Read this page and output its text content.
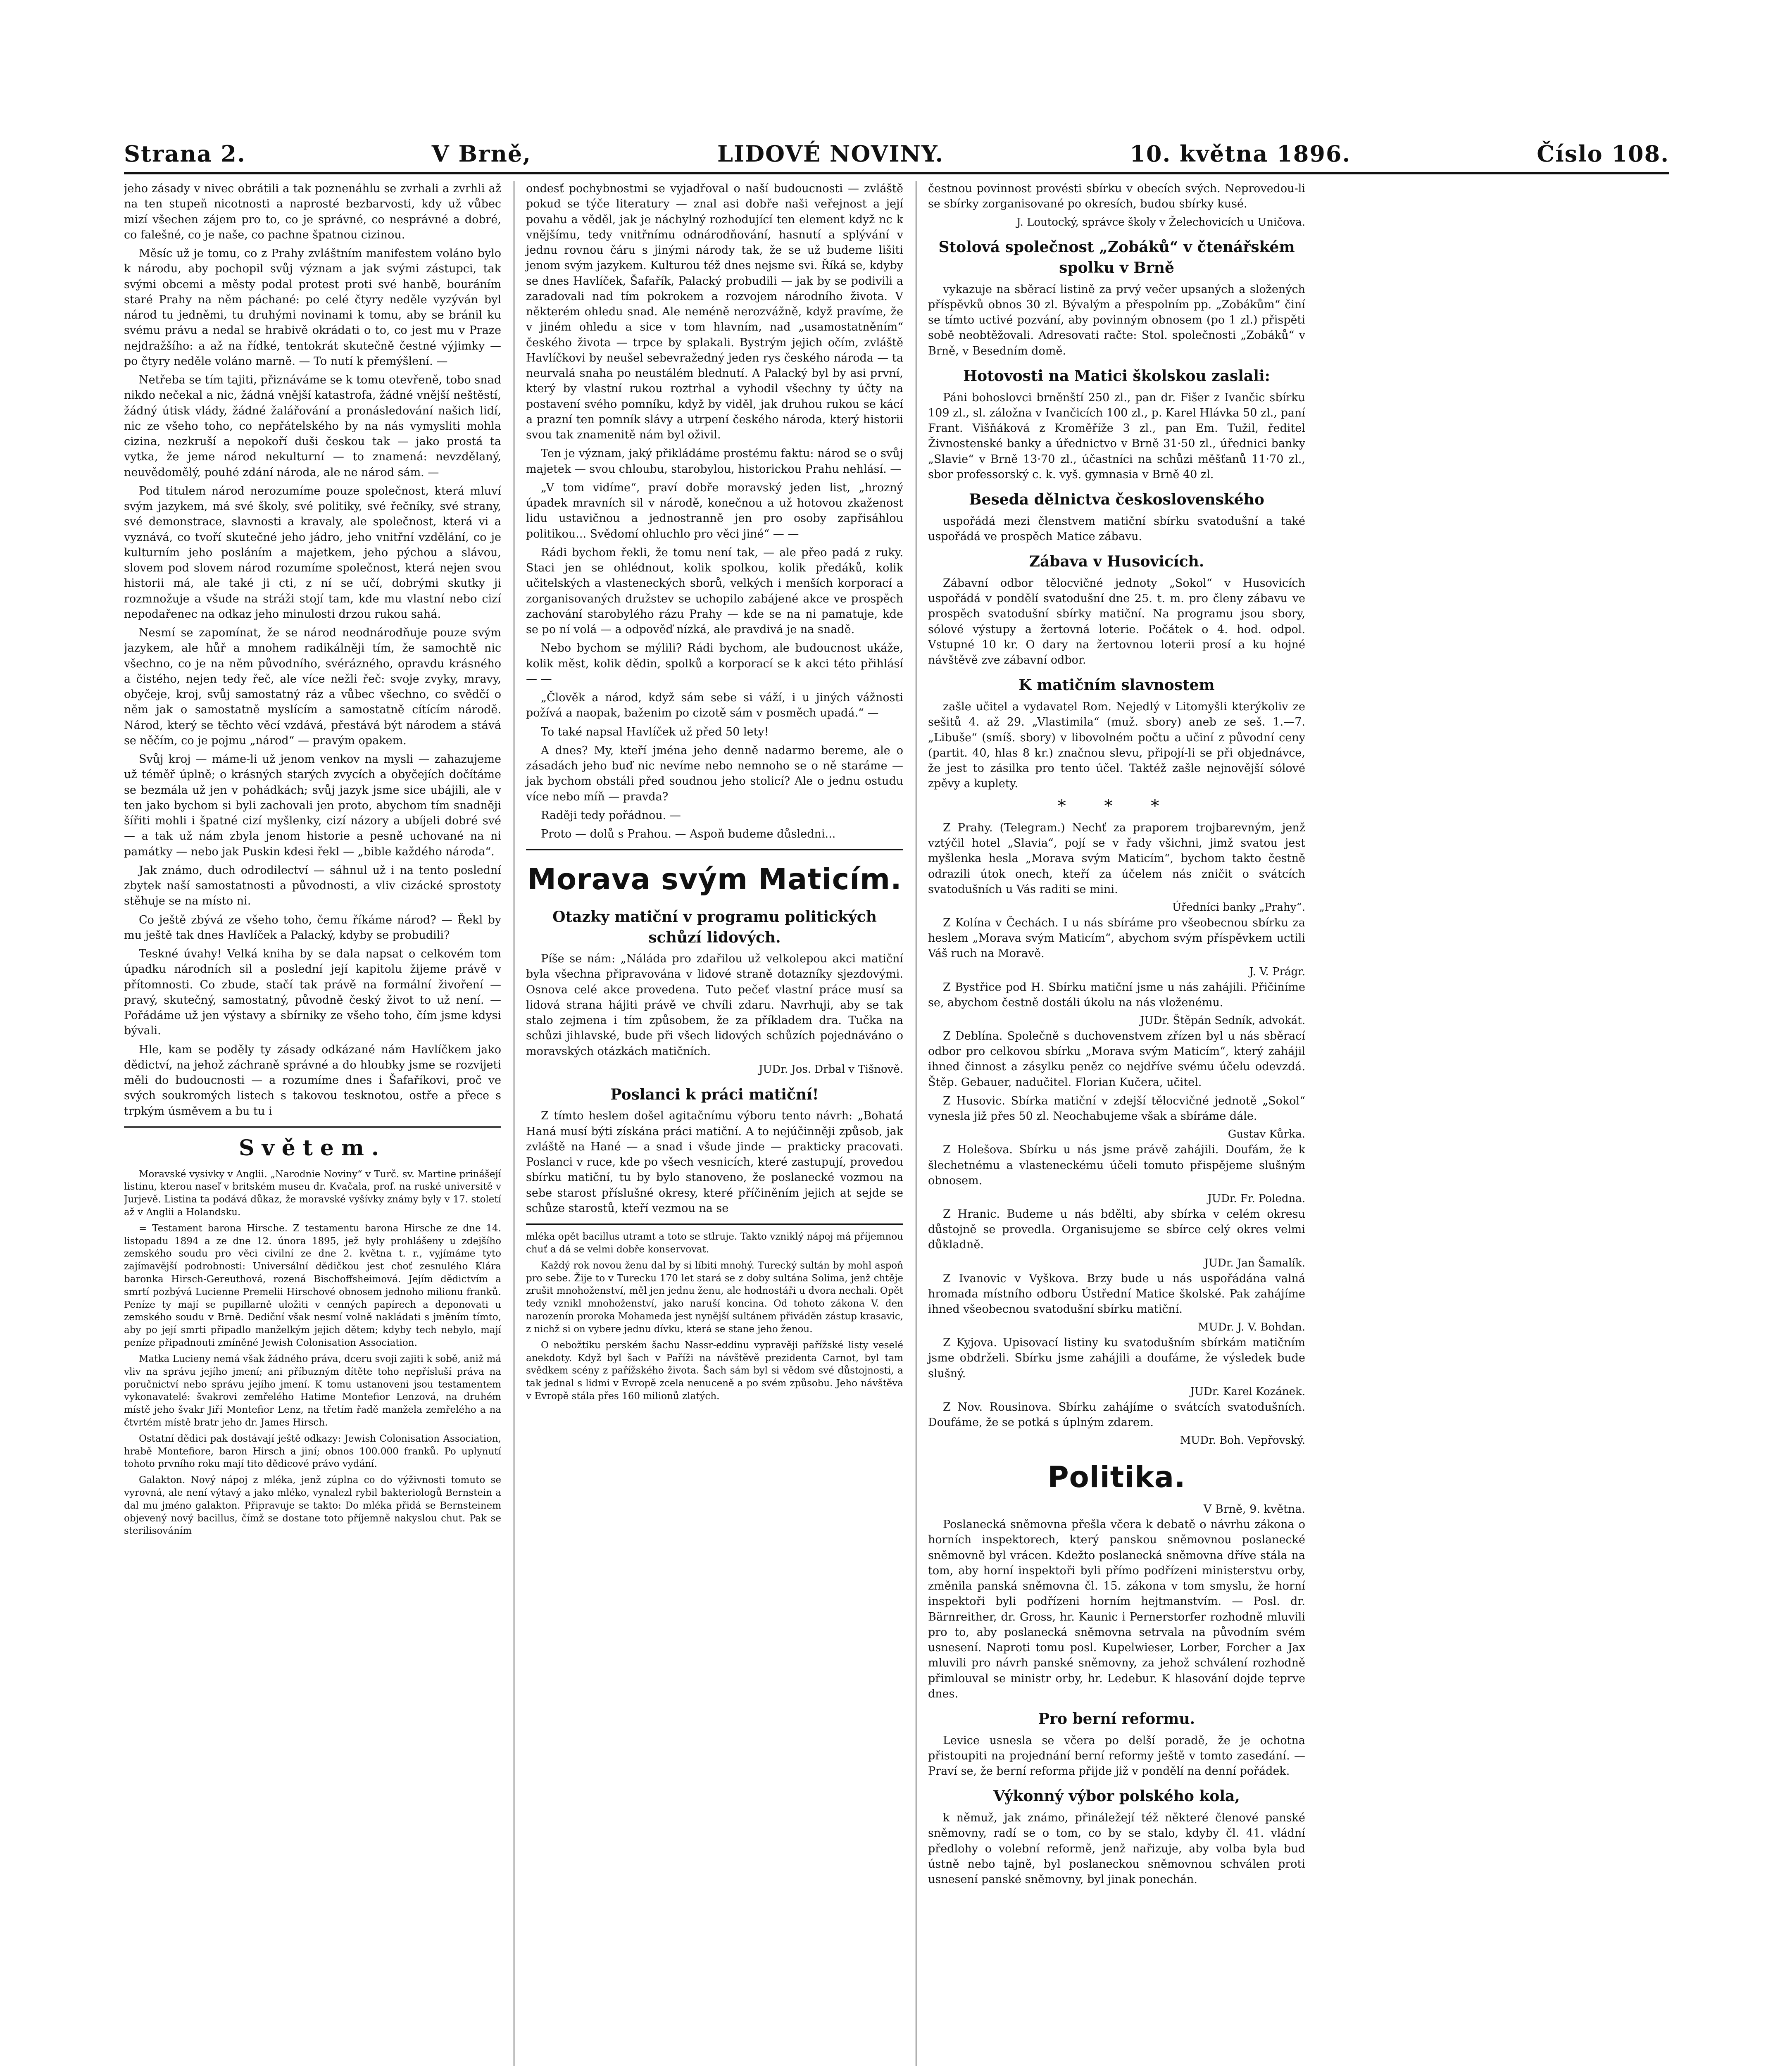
Strana 2.	V Brně,	LIDOVÉ NOVINY.	10. května 1896.	Číslo 108.

jeho zásady v nivec obrátili a tak poznenáhlu se zvrhali a zvrhli až na ten stupeň nicotnosti a naprosté bezbarvosti, kdy už vůbec mizí všechen zájem pro to, co je správné, co nesprávné a dobré, co falešné, co je naše, co pachne špatnou cizinou.

Měsíc už je tomu, co z Prahy zvláštním manifestem voláno bylo k národu, aby pochopil svůj význam a jak svými zástupci, tak svými obcemi a městy podal protest proti své hanbě, bouráním staré Prahy na něm páchané: po celé čtyry neděle vyzýván byl národ tu jedněmi, tu druhými novinami k tomu, aby se bránil ku svému právu a nedal se hrabivě okrádati o to, co jest mu v Praze nejdražšího: a až na řídké, tentokrát skutečně čestné výjimky — po čtyry neděle voláno marně. — To nutí k přemýšlení. —

Netřeba se tím tajiti, přiznáváme se k tomu otevřeně, tobo snad nikdo nečekal a nic, žádná vnější katastrofa, žádné vnější neštěstí, žádný útisk vlády, žádné žalářování a pronásledování našich lidí, nic ze všeho toho, co nepřátelského by na nás vymysliti mohla cizina, nezkruší a nepokoří duši českou tak — jako prostá ta vytka, že jeme národ nekulturní — to znamená: nevzdělaný, neuvědomělý, pouhé zdání národa, ale ne národ sám. —

Pod titulem národ nerozumíme pouze společnost, která mluví svým jazykem, má své školy, své politiky, své řečníky, své strany, své demonstrace, slavnosti a kravaly, ale společnost, která vi a vyznává, co tvoří skutečné jeho jádro, jeho vnitřní vzdělání, co je kulturním jeho posláním a majetkem, jeho pýchou a slávou, slovem pod slovem národ rozumíme společnost, která nejen svou historii má, ale také ji cti, z ní se učí, dobrými skutky ji rozmnožuje a všude na stráži stojí tam, kde mu vlastní nebo cizí nepodařenec na odkaz jeho minulosti drzou rukou sahá.

Nesmí se zapomínat, že se národ neodnárodňuje pouze svým jazykem, ale hůř a mnohem radikálněji tím, že samochtě nic všechno, co je na něm původního, svérázného, opravdu krásného a čistého, nejen tedy řeč, ale více nežli řeč: svoje zvyky, mravy, obyčeje, kroj, svůj samostatný ráz a vůbec všechno, co svědčí o něm jak o samostatně myslícím a samostatně cítícím národě. Národ, který se těchto věcí vzdává, přestává být národem a stává se něčím, co je pojmu „národ“ — pravým opakem.

Svůj kroj — máme-li už jenom venkov na mysli — zahazujeme už téměř úplně; o krásných starých zvycích a obyčejích dočítáme se bezmála už jen v pohádkách; svůj jazyk jsme sice ubájili, ale v ten jako bychom si byli zachovali jen proto, abychom tím snadněji šířiti mohli i špatné cizí myšlenky, cizí názory a ubíjeli dobré své — a tak už nám zbyla jenom historie a pesně uchované na ni památky — nebo jak Puskin kdesi řekl — „bible každého národa“.

Jak známo, duch odrodilectví — sáhnul už i na tento poslední zbytek naší samostatnosti a původnosti, a vliv cizácké sprostoty stěhuje se na místo ni.

Co ještě zbývá ze všeho toho, čemu říkáme národ? — Řekl by mu ještě tak dnes Havlíček a Palacký, kdyby se probudili?

Teskné úvahy! Velká kniha by se dala napsat o celkovém tom úpadku národních sil a poslední její kapitolu žijeme právě v přítomnosti. Co zbude, stačí tak právě na formální živoření — pravý, skutečný, samostatný, původně český život to už není. — Pořádáme už jen výstavy a sbírniky ze všeho toho, čím jsme kdysi bývali.

Hle, kam se poděly ty zásady odkázané nám Havlíčkem jako dědictví, na jehož záchraně správné a do hloubky jsme se rozvijeti měli do budoucnosti — a rozumíme dnes i Šafaříkovi, proč ve svých soukromých listech s takovou tesknotou, ostře a přece s trpkým úsměvem a bu tu i

Světem.

Moravské vysivky v Anglii. „Narodnie Noviny“ v Turč. sv. Martine prinášejí listinu, kterou naseľ v britském museu dr. Kvačala, prof. na ruské universitě v Jurjevě. Listina ta podává důkaz, že moravské vyšívky známy byly v 17. století až v Anglii a Holandsku.

= Testament barona Hirsche. Z testamentu barona Hirsche ze dne 14. listopadu 1894 a ze dne 12. února 1895, jež byly prohlášeny u zdejšího zemského soudu pro věci civilní ze dne 2. května t. r., vyjímáme tyto zajímavější podrobnosti: Universální dědičkou jest choť zesnulého Klára baronka Hirsch-Gereuthová, rozená Bischoffsheimová. Jejím dědictvím a smrtí pozbývá Lucienne Premelii Hirschové obnosem jednoho milionu franků. Peníze ty mají se pupillarně uložiti v cenných papírech a deponovati u zemského soudu v Brně. Dediční však nesmí volně nakládati s jměním tímto, aby po její smrti připadlo manželkým jejich dětem; kdyby tech nebylo, mají peníze připadnouti zmíněné Jewish Colonisation Association.

Matka Lucieny nemá však žádného práva, dceru svoji zajiti k sobě, aniž má vliv na správu jejího jmení; ani příbuzným dítěte toho nepřísluší práva na poručnictví nebo správu jejího jmení. K tomu ustanoveni jsou testamentem vykonavatelé: švakrovi zemřelého Hatime Montefior Lenzová, na druhém místě jeho švakr Jiří Montefior Lenz, na třetím řadě manžela zemřelého a na čtvrtém místě bratr jeho dr. James Hirsch.

Ostatní dědici pak dostávají ještě odkazy: Jewish Colonisation Association, hrabě Montefiore, baron Hirsch a jiní; obnos 100.000 franků. Po uplynutí tohoto prvního roku mají tito dědicové právo vydání.

Galakton. Nový nápoj z mléka, jenž zúplna co do výživnosti tomuto se vyrovná, ale není výtavý a jako mléko, vynalezl rybil bakteriologů Bernstein a dal mu jméno galakton. Připravuje se takto: Do mléka přidá se Bernsteinem objevený nový bacillus, čímž se dostane toto příjemně nakyslou chut. Pak se sterilisováním

ondesť pochybnostmi se vyjadřoval o naší budoucnosti — zvláště pokud se týče literatury — znal asi dobře naši veřejnost a její povahu a věděl, jak je náchylný rozhodující ten element když nc k vnějšímu, tedy vnitřnímu odnárodňování, hasnutí a splývání v jednu rovnou čáru s jinými národy tak, že se už budeme lišiti jenom svým jazykem. Kulturou též dnes nejsme svi. Říká se, kdyby se dnes Havlíček, Šafařík, Palacký probudili — jak by se podivili a zaradovali nad tím pokrokem a rozvojem národního života. V některém ohledu snad. Ale neméně nerozvážně, když pravíme, že v jiném ohledu a sice v tom hlavním, nad „usamostatněním“ českého života — trpce by splakali. Bystrým jejich očím, zvláště Havlíčkovi by neušel sebevražedný jeden rys českého národa — ta neurvalá snaha po neustálém blednutí. A Palacký byl by asi první, který by vlastní rukou roztrhal a vyhodil všechny ty účty na postavení svého pomníku, když by viděl, jak druhou rukou se kácí a prazní ten pomník slávy a utrpení českého národa, který historii svou tak znamenitě nám byl oživil.

Ten je význam, jaký přikládáme prostému faktu: národ se o svůj majetek — svou chloubu, starobylou, historickou Prahu nehlásí. —

„V tom vidíme“, praví dobře moravský jeden list, „hrozný úpadek mravních sil v národě, konečnou a už hotovou zkaženost lidu ustavičnou a jednostranně jen pro osoby zapřisáhlou politikou... Svědomí ohluchlo pro věci jiné“ — —

Rádi bychom řekli, že tomu není tak, — ale přeo padá z ruky. Staci jen se ohlédnout, kolik spolkou, kolik předáků, kolik učitelských a vlasteneckých sborů, velkých i menších korporací a zorganisovaných družstev se uchopilo zabájené akce ve prospěch zachování starobylého rázu Prahy — kde se na ni pamatuje, kde se po ní volá — a odpověď nízká, ale pravdivá je na snadě.

Nebo bychom se mýlili? Rádi bychom, ale budoucnost ukáže, kolik měst, kolik dědin, spolků a korporací se k akci této přihlásí — —

„Člověk a národ, když sám sebe si váží, i u jiných vážnosti požívá a naopak, baženim po cizotě sám v posměch upadá.“ —

To také napsal Havlíček už před 50 lety!

A dnes? My, kteří jména jeho denně nadarmo bereme, ale o zásadách jeho buď nic nevíme nebo nemnoho se o ně staráme — jak bychom obstáli před soudnou jeho stolicí? Ale o jednu ostudu více nebo míň — pravda?

Raději tedy pořádnou. —

Proto — dolů s Prahou. — Aspoň budeme důsledni...

Morava svým Maticím.
Otazky matiční v programu politických schůzí lidových.

Píše se nám: „Náláda pro zdařilou už velkolepou akci matiční byla všechna připravována v lidové straně dotazníky sjezdovými. Osnova celé akce provedena. Tuto pečeť vlastní práce musí sa lidová strana hájiti právě ve chvíli zdaru. Navrhuji, aby se tak stalo zejmena i tím způsobem, že za příkladem dra. Tučka na schůzi jihlavské, bude při všech lidových schůzích pojednáváno o moravských otázkách matičních.

JUDr. Jos. Drbal v Tišnově.
Poslanci k práci matiční!

Z tímto heslem došel agitačnímu výboru tento návrh: „Bohatá Haná musí býti získána práci matiční. A to nejúčinněji způsob, jak zvláště na Hané — a snad i všude jinde — prakticky pracovati. Poslanci v ruce, kde po všech vesnicích, které zastupují, provedou sbírku matiční, tu by bylo stanoveno, že poslanecké vozmou na sebe starost příslušné okresy, které příčiněním jejich at sejde se schůze starostů, kteří vezmou na se

mléka opět bacillus utramt a toto se stlruje. Takto vzniklý nápoj má příjemnou chuť a dá se velmi dobře konservovat.

Každý rok novou ženu dal by si líbiti mnohý. Turecký sultán by mohl aspoň pro sebe. Žije to v Turecku 170 let stará se z doby sultána Solima, jenž chtěje zrušit mnohoženství, měl jen jednu ženu, ale hodnostáři u dvora nechali. Opět tedy vznikl mnohoženství, jako naruší koncina. Od tohoto zákona V. den narozenín proroka Mohameda jest nynější sultánem přiváděn zástup krasavic, z nichž si on vybere jednu dívku, která se stane jeho ženou.

O nebožtiku perském šachu Nassr-eddinu vypravěji pařížské listy veselé anekdoty. Když byl šach v Paříži na návštěvě prezidenta Carnot, byl tam svědkem scény z pařížského života. Šach sám byl si vědom své důstojnosti, a tak jednal s lidmi v Evropě zcela nenuceně a po svém způsobu. Jeho návštěva v Evropě stála přes 160 milionů zlatých.

čestnou povinnost provésti sbírku v obecích svých. Neprovedou-li se sbírky zorganisované po okresích, budou sbírky kusé.

J. Loutocký, správce školy v Želechovicích u Uničova.
Stolová společnost „Zobáků“ v čtenářském spolku v Brně

vykazuje na sběrací listině za prvý večer upsaných a složených příspěvků obnos 30 zl. Bývalým a přespolním pp. „Zobákům“ činí se tímto uctivé pozvání, aby povinným obnosem (po 1 zl.) přispěti sobě neobtěžovali. Adresovati račte: Stol. společnosti „Zobáků“ v Brně, v Besedním domě.

Hotovosti na Matici školskou zaslali:

Páni bohoslovci brněnští 250 zl., pan dr. Fišer z Ivančic sbírku 109 zl., sl. záložna v Ivančicích 100 zl., p. Karel Hlávka 50 zl., paní Frant. Višňáková z Kroměříže 3 zl., pan Em. Tužil, ředitel Živnostenské banky a úřednictvo v Brně 31·50 zl., úřednici banky „Slavie“ v Brně 13·70 zl., účastníci na schůzi měšťanů 11·70 zl., sbor professorský c. k. vyš. gymnasia v Brně 40 zl.

Beseda dělnictva československého

uspořádá mezi členstvem matiční sbírku svatodušní a také uspořádá ve prospěch Matice zábavu.

Zábava v Husovicích.

Zábavní odbor tělocvičné jednoty „Sokol“ v Husovicích uspořádá v pondělí svatodušní dne 25. t. m. pro členy zábavu ve prospěch svatodušní sbírky matiční. Na programu jsou sbory, sólové výstupy a žertovná loterie. Počátek o 4. hod. odpol. Vstupné 10 kr. O dary na žertovnou loterii prosí a ku hojné návštěvě zve zábavní odbor.

K matičním slavnostem

zašle učitel a vydavatel Rom. Nejedlý v Litomyšli kterýkoliv ze sešitů 4. až 29. „Vlastimila“ (muž. sbory) aneb ze seš. 1.—7. „Libuše“ (smíš. sbory) v libovolném počtu a učiní z původní ceny (partit. 40, hlas 8 kr.) značnou slevu, připojí-li se při objednávce, že jest to zásilka pro tento účel. Taktéž zašle nejnovější sólové zpěvy a kuplety.

* * *

Z Prahy. (Telegram.) Nechť za praporem trojbarevným, jenž vztýčil hotel „Slavia“, pojí se v řady všichni, jimž svatou jest myšlenka hesla „Morava svým Maticím“, bychom takto čestně odrazili útok onech, kteří za účelem nás zničit o svátcích svatodušních u Vás raditi se mini.

Úředníci banky „Prahy“.

Z Kolína v Čechách. I u nás sbíráme pro všeobecnou sbírku za heslem „Morava svým Maticím“, abychom svým příspěvkem uctili Váš ruch na Moravě.

J. V. Prágr.

Z Bystřice pod H. Sbírku matiční jsme u nás zahájili. Přičiníme se, abychom čestně dostáli úkolu na nás vloženému.

JUDr. Štěpán Sedník, advokát.

Z Deblína. Společně s duchovenstvem zřízen byl u nás sběrací odbor pro celkovou sbírku „Morava svým Maticím“, který zahájil ihned činnost a zásylku peněz co nejdříve svému účelu odevzdá. Štěp. Gebauer, nadučitel. Florian Kučera, učitel.

Z Husovic. Sbírka matiční v zdejší tělocvičné jednotě „Sokol“ vynesla již přes 50 zl. Neochabujeme však a sbíráme dále.

Gustav Kůrka.

Z Holešova. Sbírku u nás jsme právě zahájili. Doufám, že k šlechetnému a vlasteneckému účeli tomuto přispějeme slušným obnosem.

JUDr. Fr. Poledna.

Z Hranic. Budeme u nás bdělti, aby sbírka v celém okresu důstojně se provedla. Organisujeme se sbírce celý okres velmi důkladně.

JUDr. Jan Šamalík.

Z Ivanovic v Vyškova. Brzy bude u nás uspořádána valná hromada místního odboru Ústřední Matice školské. Pak zahájíme ihned všeobecnou svatodušní sbírku matiční.

MUDr. J. V. Bohdan.

Z Kyjova. Upisovací listiny ku svatodušním sbírkám matičním jsme obdrželi. Sbírku jsme zahájili a doufáme, že výsledek bude slušný.

JUDr. Karel Kozánek.

Z Nov. Rousinova. Sbírku zahájíme o svátcích svatodušních. Doufáme, že se potká s úplným zdarem.

MUDr. Boh. Vepřovský.
Politika.
V Brně, 9. května.

Poslanecká sněmovna přešla včera k debatě o návrhu zákona o horních inspektorech, který panskou sněmovnou poslanecké sněmovně byl vrácen. Kdežto poslanecká sněmovna dříve stála na tom, aby horní inspektoři byli přímo podřízeni ministerstvu orby, změnila panská sněmovna čl. 15. zákona v tom smyslu, že horní inspektoři byli podřízeni horním hejtmanstvím. — Posl. dr. Bärnreither, dr. Gross, hr. Kaunic i Pernerstorfer rozhodně mluvili pro to, aby poslanecká sněmovna setrvala na původním svém usnesení. Naproti tomu posl. Kupelwieser, Lorber, Forcher a Jax mluvili pro návrh panské sněmovny, za jehož schválení rozhodně přimlouval se ministr orby, hr. Ledebur. K hlasování dojde teprve dnes.

Pro berní reformu.

Levice usnesla se včera po delší poradě, že je ochotna přistoupiti na projednání berní reformy ještě v tomto zasedání. — Praví se, že berní reforma přijde již v pondělí na denní pořádek.

Výkonný výbor polského kola,

k němuž, jak známo, přináležejí též některé členové panské sněmovny, radí se o tom, co by se stalo, kdyby čl. 41. vládní předlohy o volební reformě, jenž nařizuje, aby volba byla buď ústně nebo tajně, byl poslaneckou sněmovnou schválen proti usnesení panské sněmovny, byl jinak ponechán.
